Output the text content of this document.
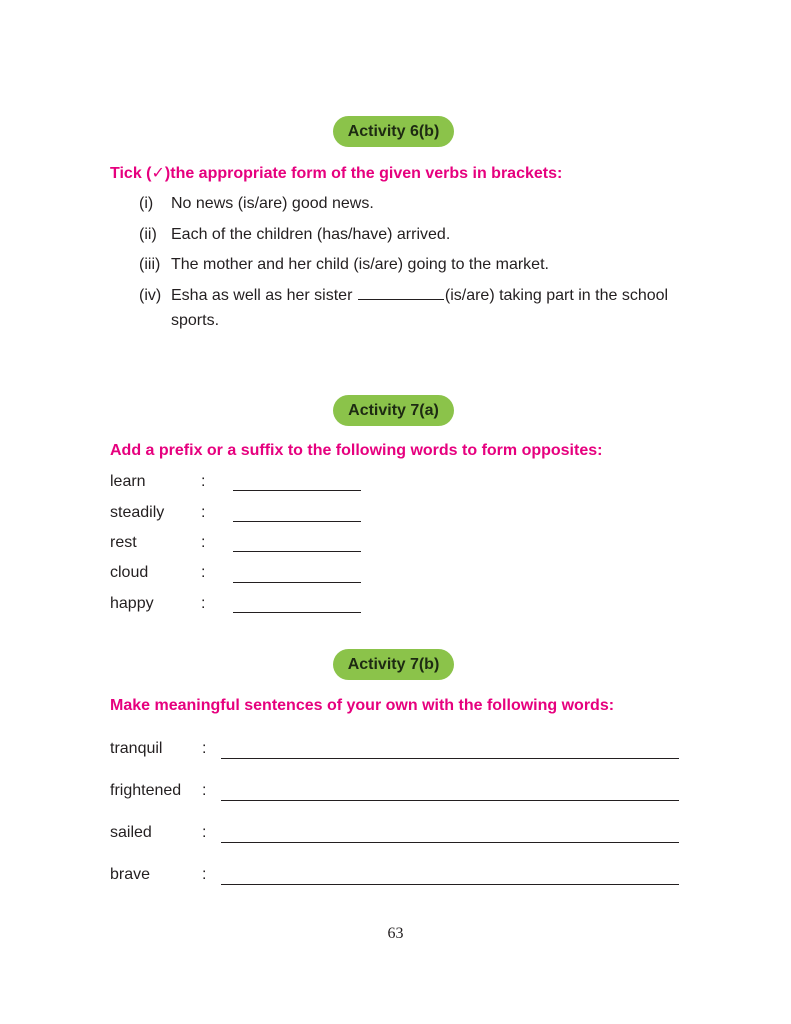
Activity 6(b)
Tick (✓)the appropriate form of the given verbs in brackets:
(i) No news (is/are) good news.
(ii) Each of the children (has/have) arrived.
(iii) The mother and her child (is/are) going to the market.
(iv) Esha as well as her sister	(is/are) taking part in the school
sports.
Activity 7(a)
Add a prefix or a suffix to the following words to form opposites:
learn	:
steadily :
rest	:
cloud	:
happy	:
Activity 7(b)
Make meaningful sentences of your own with the following words:
tranquil :
frightened :
sailed	:
brave	:
63
